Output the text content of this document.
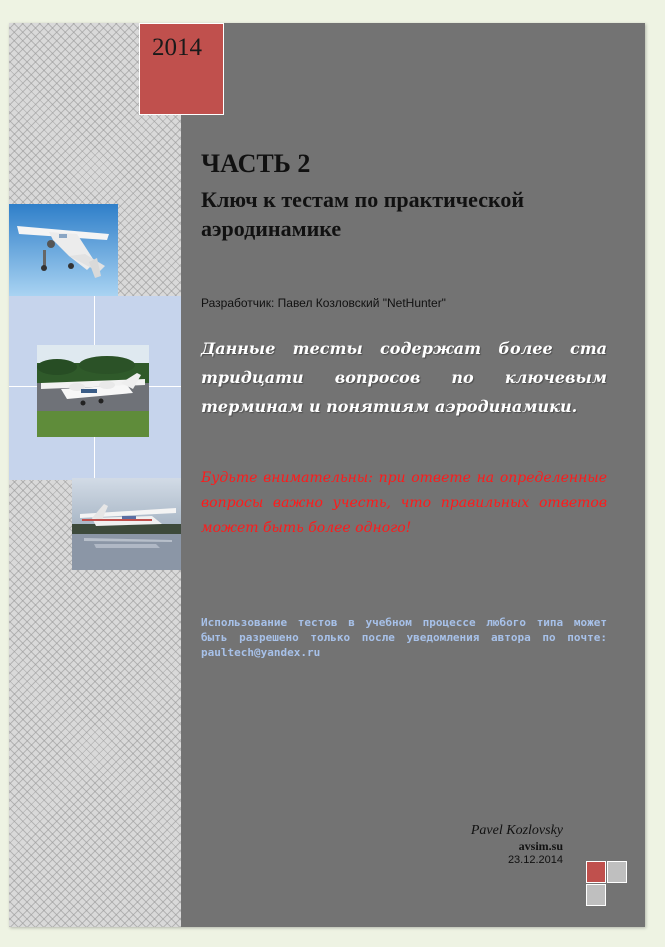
2014
ЧАСТЬ 2
Ключ к тестам по практической аэродинамике
Разработчик: Павел Козловский "NetHunter"
Данные тесты содержат более ста тридцати вопросов по ключевым терминам и понятиям аэродинамики.
Будьте внимательны: при ответе на определенные вопросы важно учесть, что правильных ответов может быть более одного!
Использование тестов в учебном процессе любого типа может быть разрешено только после уведомления автора по почте: paultech@yandex.ru
Pavel Kozlovsky
avsim.su
23.12.2014
